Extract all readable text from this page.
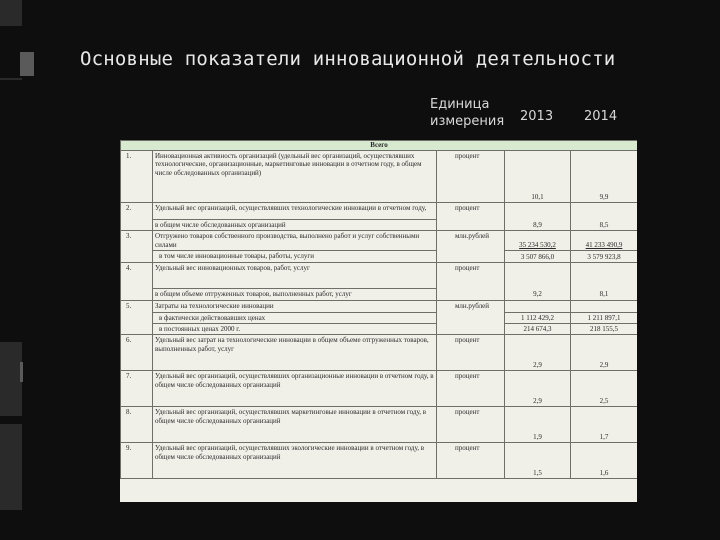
Основные показатели инновационной деятельности
Единица измерения	2013 2014
Всего				
1.	Инновационная активность организаций (удельный вес организаций, осуществлявших технологические, организационные, маркетинговые инновации в отчетном году, в общем числе обследованных организаций)	процент	10,1	9,9
2.	Удельный вес организаций, осуществлявших технологические инновации в отчетном году,	процент	8,9	8,5
	в общем числе обследованных организаций			
3.	Отгружено товаров собственного производства, выполнено работ и услуг собственными силами	млн.рублей	35 234 530,2	41 233 490,9
	в том числе инновационные товары, работы, услуги		3 507 866,0	3 579 923,8
4.	Удельный вес инновационных товаров, работ, услуг	процент	9,2	8,1
	в общем объеме отгруженных товаров, выполненных работ, услуг			
5.	Затраты на технологические инновации	млн.рублей		
	в фактически действовавших ценах		1 112 429,2	1 211 897,1
	в постоянных ценах 2000 г.		214 674,3	218 155,5
6.	Удельный вес затрат на технологические инновации в общем объеме отгруженных товаров, выполненных работ, услуг	процент	2,9	2,9
7.	Удельный вес организаций, осуществлявших организационные инновации в отчетном году, в общем числе обследованных организаций	процент	2,9	2,5
8.	Удельный вес организаций, осуществлявших маркетинговые инновации в отчетном году, в общем числе обследованных организаций	процент	1,9	1,7
9.	Удельный вес организаций, осуществлявших экологические инновации в отчетном году, в общем числе обследованных организаций	процент	1,5	1,6
